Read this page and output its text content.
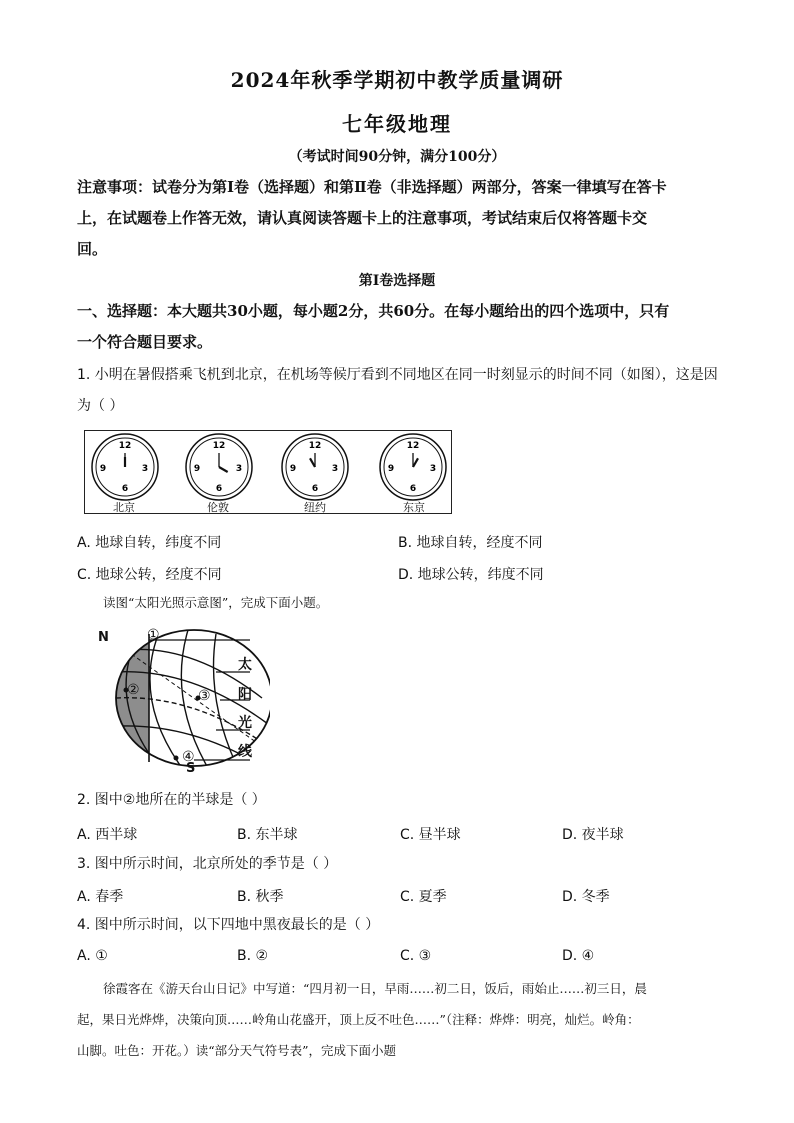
2024年秋季学期初中教学质量调研
七年级地理
（考试时间90分钟，满分100分）
注意事项：试卷分为第Ⅰ卷（选择题）和第Ⅱ卷（非选择题）两部分，答案一律填写在答卡
上，在试题卷上作答无效，请认真阅读答题卡上的注意事项，考试结束后仅将答题卡交
回。
第Ⅰ卷选择题
一、选择题：本大题共30小题，每小题2分，共60分。在每小题给出的四个选项中，只有
一个符合题目要求。
1. 小明在暑假搭乘飞机到北京，在机场等候厅看到不同地区在同一时刻显示的时间不同（如图），这是因
为（ ）
12
3
6
9
12
3
6
9
12
3
6
9
12
3
6
9
北京	伦敦	纽约	东京
A. 地球自转，纬度不同	B. 地球自转，经度不同
C. 地球公转，经度不同	D. 地球公转，纬度不同
读图“太阳光照示意图”，完成下面小题。
N
S
①
②	③
④
太
阳
光
线
2. 图中②地所在的半球是（ ）
A. 西半球	B. 东半球	C. 昼半球	D. 夜半球
3. 图中所示时间，北京所处的季节是（ ）
A. 春季	B. 秋季	C. 夏季	D. 冬季
4. 图中所示时间，以下四地中黑夜最长的是（ ）
A. ①	B. ②	C. ③	D. ④
徐霞客在《游天台山日记》中写道：“四月初一日，早雨……初二日，饭后，雨始止……初三日，晨
起，果日光烨烨，决策向顶……岭角山花盛开，顶上反不吐色……”（注释：烨烨：明亮，灿烂。岭角：
山脚。吐色：开花。）读“部分天气符号表”，完成下面小题
